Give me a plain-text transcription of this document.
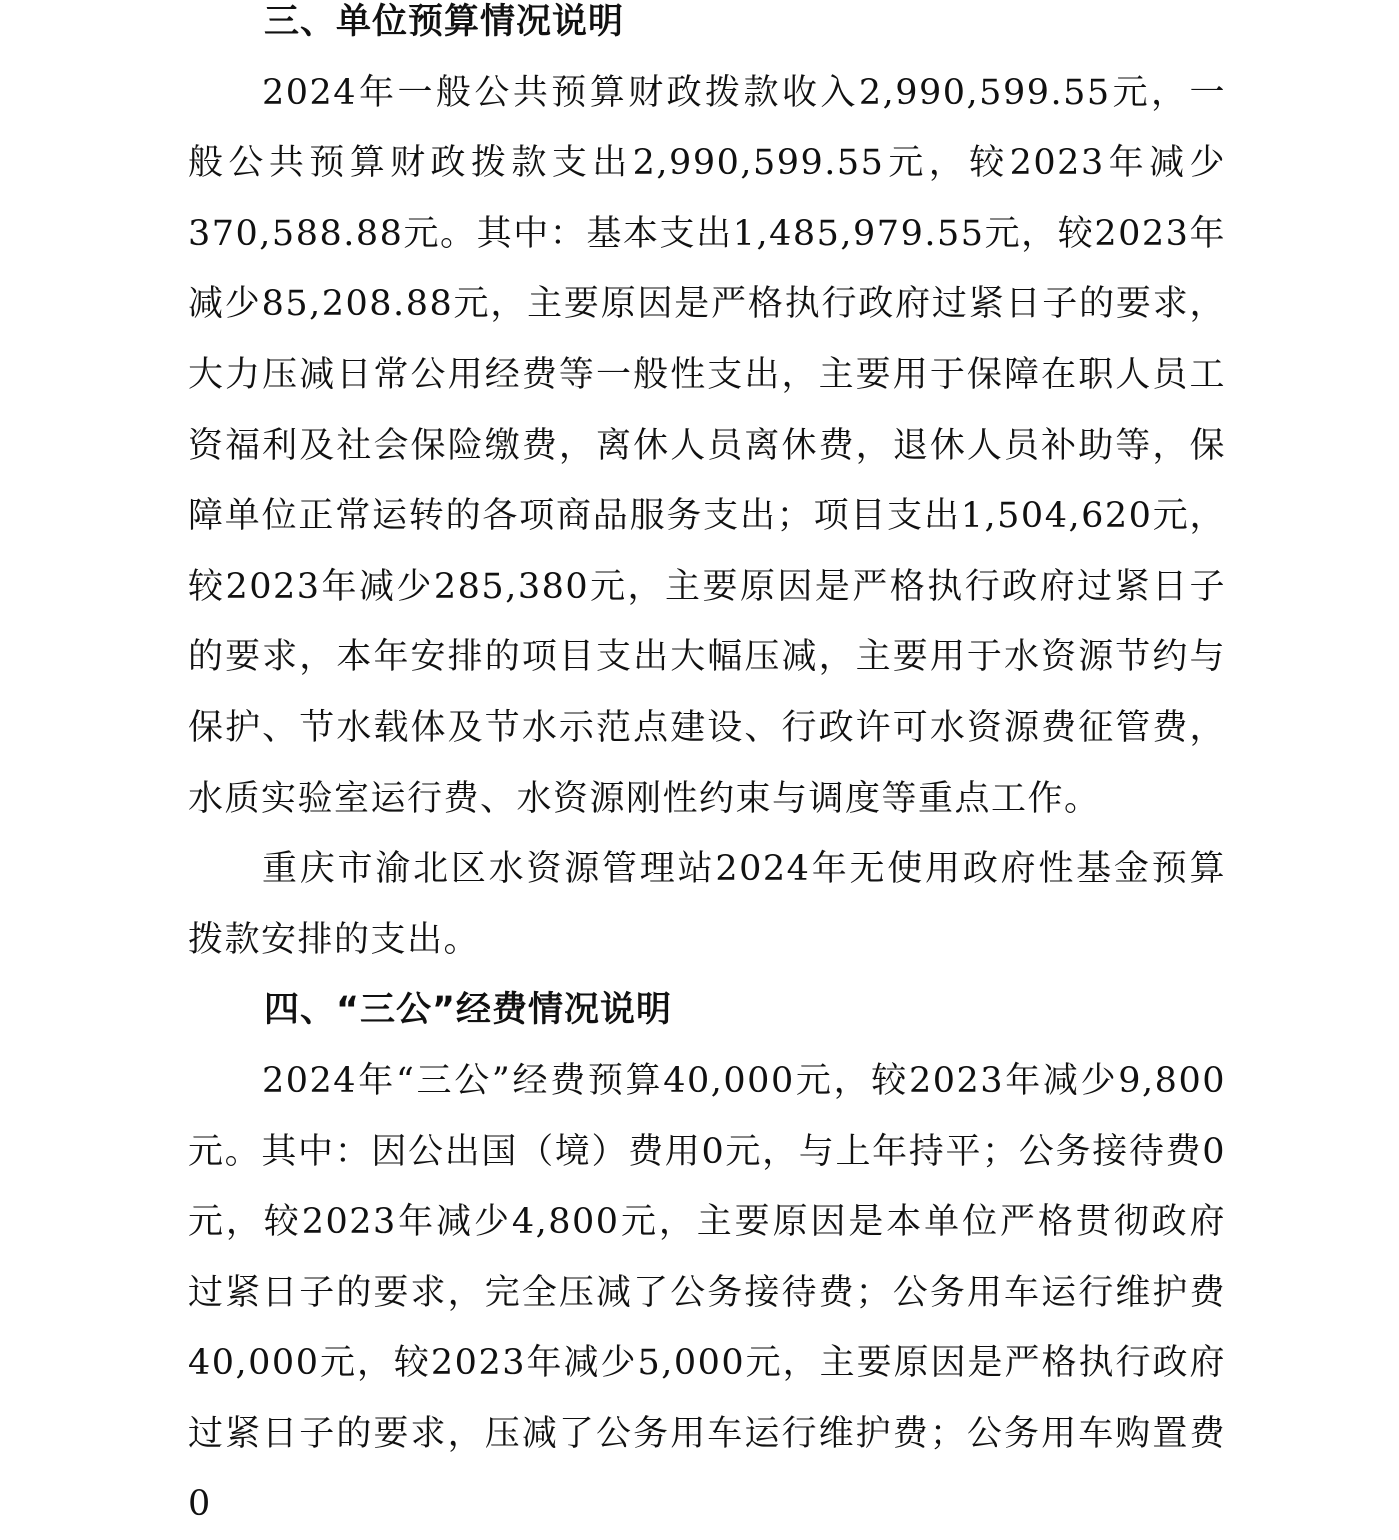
三、单位预算情况说明

2024年一般公共预算财政拨款收入2,990,599.55元，一般公共预算财政拨款支出2,990,599.55元，较2023年减少370,588.88元。其中：基本支出1,485,979.55元，较2023年减少85,208.88元，主要原因是严格执行政府过紧日子的要求，大力压减日常公用经费等一般性支出，主要用于保障在职人员工资福利及社会保险缴费，离休人员离休费，退休人员补助等，保障单位正常运转的各项商品服务支出；项目支出1,504,620元，较2023年减少285,380元，主要原因是严格执行政府过紧日子的要求，本年安排的项目支出大幅压减，主要用于水资源节约与保护、节水载体及节水示范点建设、行政许可水资源费征管费，水质实验室运行费、水资源刚性约束与调度等重点工作。

重庆市渝北区水资源管理站2024年无使用政府性基金预算拨款安排的支出。

四、“三公”经费情况说明

2024年“三公”经费预算40,000元，较2023年减少9,800元。其中：因公出国（境）费用0元，与上年持平；公务接待费0元，较2023年减少4,800元，主要原因是本单位严格贯彻政府过紧日子的要求，完全压减了公务接待费；公务用车运行维护费40,000元，较2023年减少5,000元，主要原因是严格执行政府过紧日子的要求，压减了公务用车运行维护费；公务用车购置费0
